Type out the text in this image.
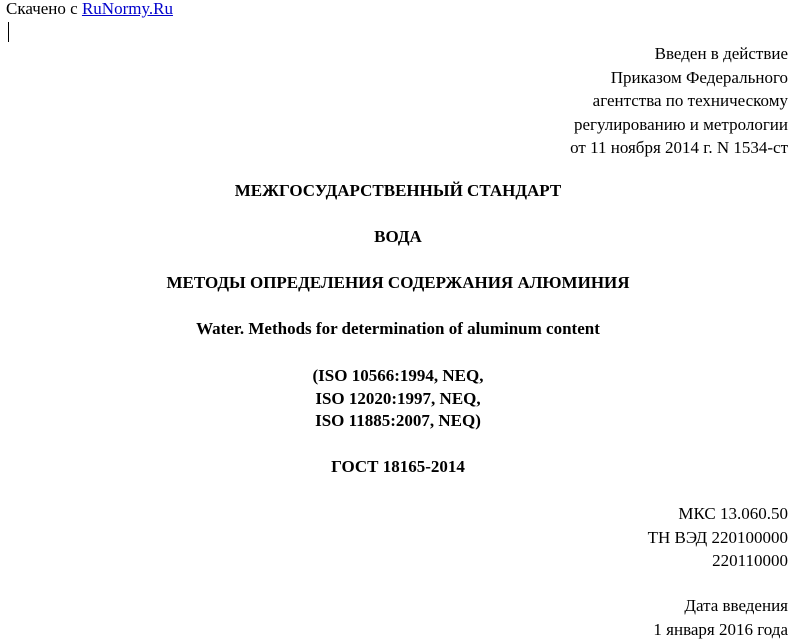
Скачено с RuNormy.Ru
Введен в действие
Приказом Федерального
агентства по техническому
регулированию и метрологии
от 11 ноября 2014 г. N 1534-ст
МЕЖГОСУДАРСТВЕННЫЙ СТАНДАРТ
ВОДА
МЕТОДЫ ОПРЕДЕЛЕНИЯ СОДЕРЖАНИЯ АЛЮМИНИЯ
Water. Methods for determination of aluminum content
(ISO 10566:1994, NEQ,
ISO 12020:1997, NEQ,
ISO 11885:2007, NEQ)
ГОСТ 18165-2014
МКС 13.060.50
ТН ВЭД 220100000
220110000
Дата введения
1 января 2016 года
